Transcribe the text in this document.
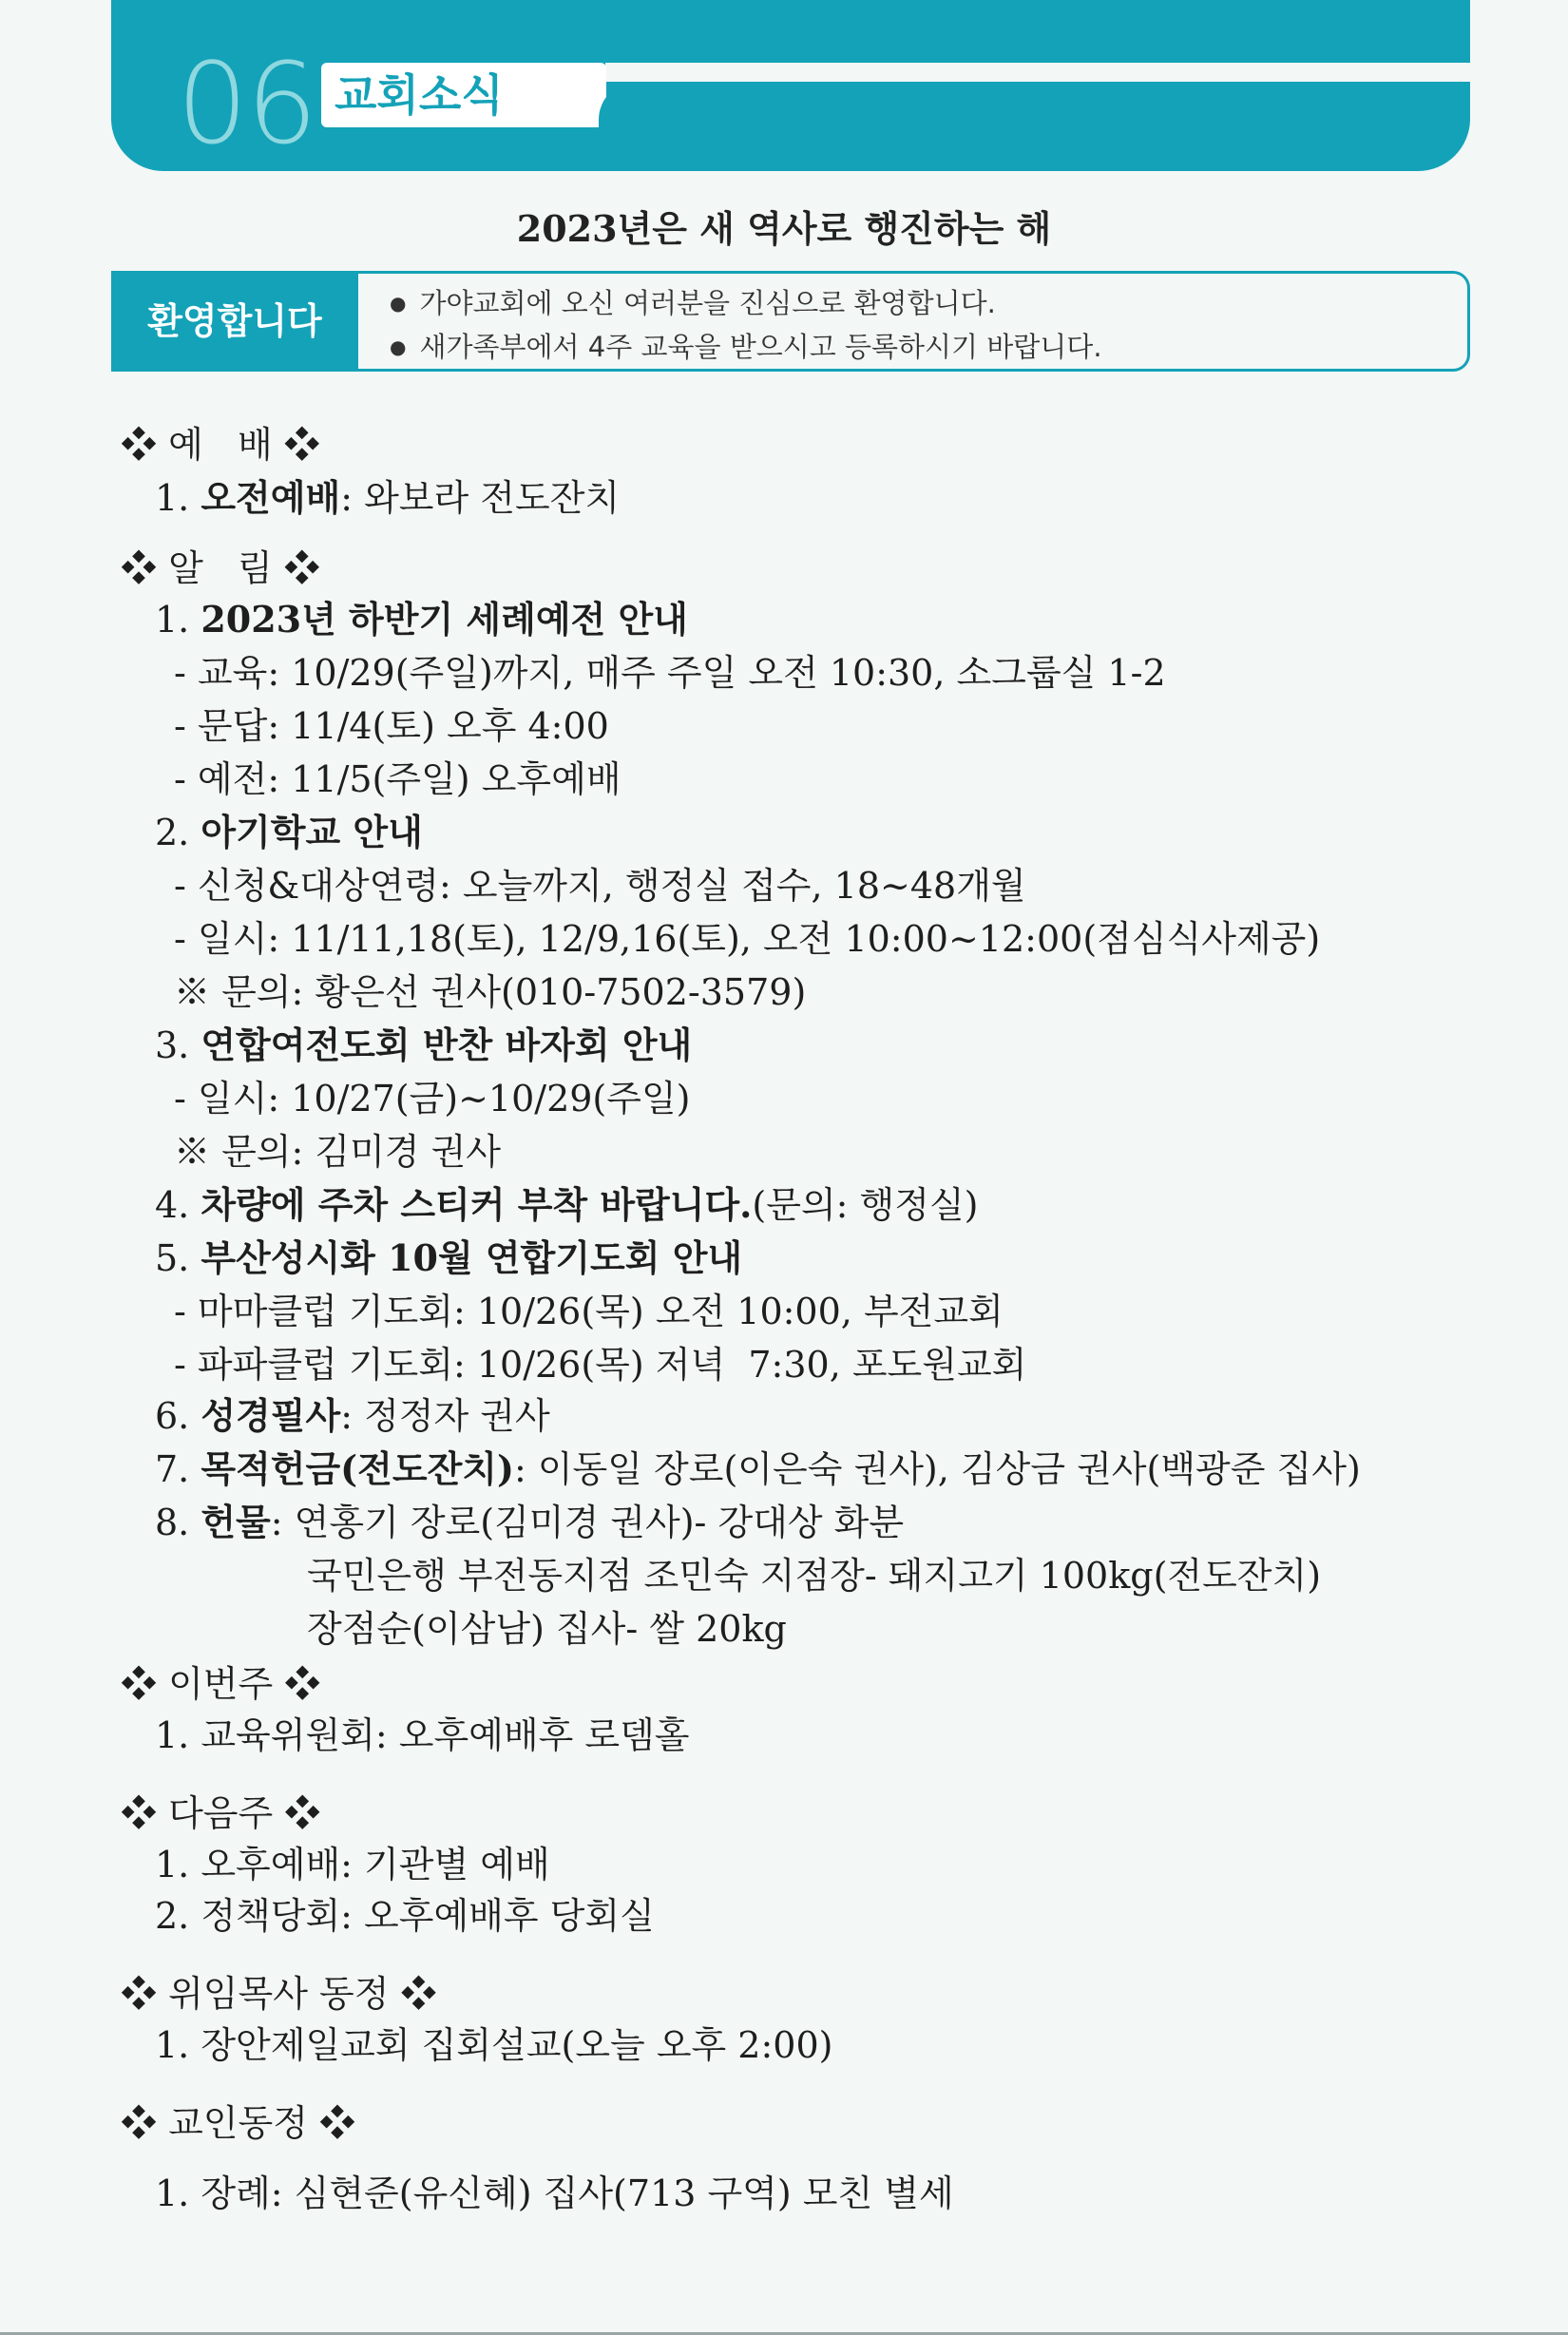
06 교회소식
2023년은 새 역사로 행진하는 해
환영합니다
●	가야교회에 오신 여러분을 진심으로 환영합니다.
● 새가족부에서 4주 교육을 받으시고 등록하시기 바랍니다.
❖ 예   배 ❖
1. 오전예배: 와보라 전도잔치
❖ 알   림 ❖
1. 2023년 하반기 세례예전 안내
- 교육: 10/29(주일)까지, 매주 주일 오전 10:30, 소그룹실 1-2
- 문답: 11/4(토) 오후 4:00
- 예전: 11/5(주일) 오후예배
2. 아기학교 안내
- 신청&대상연령: 오늘까지, 행정실 접수, 18~48개월
- 일시: 11/11,18(토), 12/9,16(토), 오전 10:00~12:00(점심식사제공)
※ 문의: 황은선 권사(010-7502-3579)
3. 연합여전도회 반찬 바자회 안내
- 일시: 10/27(금)~10/29(주일)
※ 문의: 김미경 권사
4. 차량에 주차 스티커 부착 바랍니다.(문의: 행정실)
5. 부산성시화 10월 연합기도회 안내
- 마마클럽 기도회: 10/26(목) 오전 10:00, 부전교회
- 파파클럽 기도회: 10/26(목) 저녁  7:30, 포도원교회
6. 성경필사: 정정자 권사
7. 목적헌금(전도잔치): 이동일 장로(이은숙 권사), 김상금 권사(백광준 집사)
8. 헌물: 연홍기 장로(김미경 권사)- 강대상 화분
국민은행 부전동지점 조민숙 지점장- 돼지고기 100kg(전도잔치)
장점순(이삼남) 집사- 쌀 20kg
❖ 이번주 ❖
1. 교육위원회: 오후예배후 로뎀홀
❖ 다음주 ❖
1. 오후예배: 기관별 예배
2. 정책당회: 오후예배후 당회실
❖ 위임목사 동정 ❖
1. 장안제일교회 집회설교(오늘 오후 2:00)
❖ 교인동정 ❖
1. 장례: 심현준(유신혜) 집사(713 구역) 모친 별세
